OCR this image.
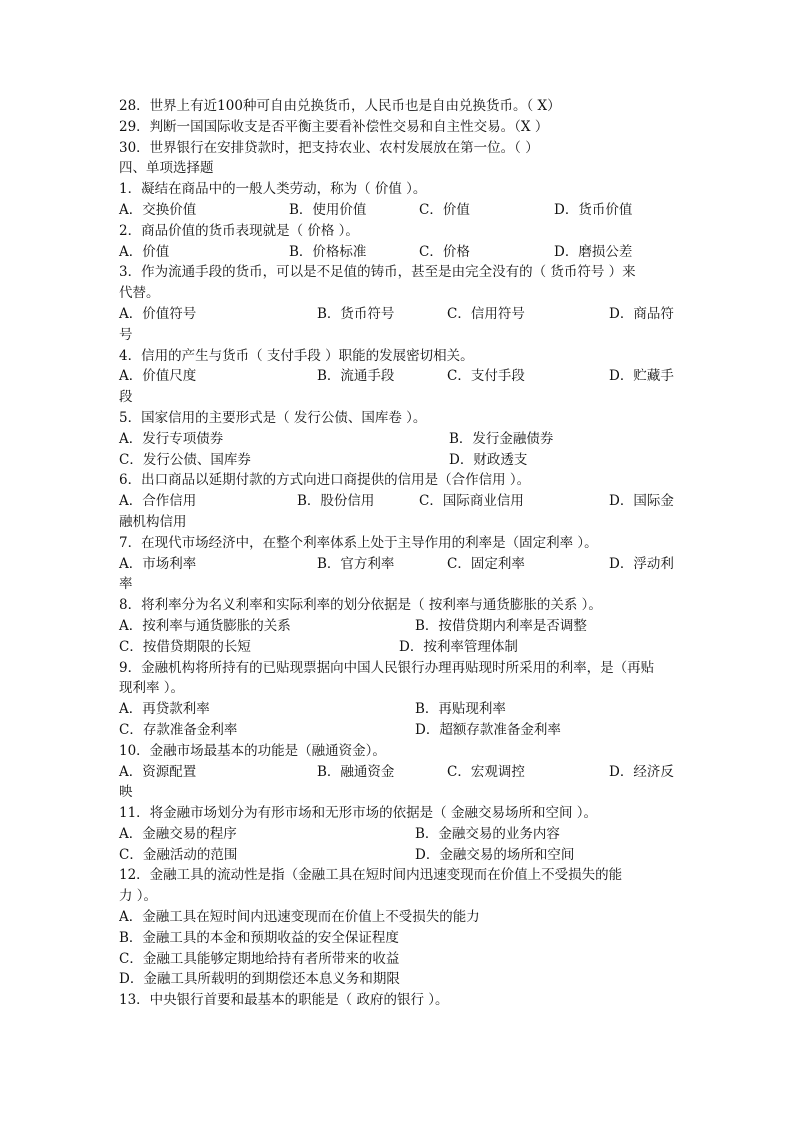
28．世界上有近100种可自由兑换货币，人民币也是自由兑换货币。（ X）
29．判断一国国际收支是否平衡主要看补偿性交易和自主性交易。（X ）
30．世界银行在安排贷款时，把支持农业、农村发展放在第一位。（ ）
四、单项选择题
1．凝结在商品中的一般人类劳动，称为（ 价值 ）。
A．交换价值	B．使用价值	C．价值	D．货币价值
2．商品价值的货币表现就是（ 价格 ）。
A．价值	B．价格标准	C．价格	D．磨损公差
3．作为流通手段的货币，可以是不足值的铸币，甚至是由完全没有的（ 货币符号 ）来
代替。
A．价值符号	B．货币符号	C．信用符号	D．商品符
号
4．信用的产生与货币（ 支付手段 ）职能的发展密切相关。
A．价值尺度	B．流通手段	C．支付手段	D．贮藏手
段
5．国家信用的主要形式是（ 发行公债、国库卷 ）。
A．发行专项债券	B．发行金融债券
C．发行公债、国库券	D．财政透支
6．出口商品以延期付款的方式向进口商提供的信用是（合作信用 ）。
A．合作信用	B．股份信用	C．国际商业信用	D．国际金
融机构信用
7．在现代市场经济中，在整个利率体系上处于主导作用的利率是（固定利率 ）。
A．市场利率	B．官方利率	C．固定利率	D．浮动利
率
8．将利率分为名义利率和实际利率的划分依据是（ 按利率与通货膨胀的关系 ）。
A．按利率与通货膨胀的关系	B．按借贷期内利率是否调整
C．按借贷期限的长短	D．按利率管理体制
9．金融机构将所持有的已贴现票据向中国人民银行办理再贴现时所采用的利率，是（再贴
现利率 ）。
A．再贷款利率	B．再贴现利率
C．存款准备金利率	D．超额存款准备金利率
10．金融市场最基本的功能是（融通资金）。
A．资源配置	B．融通资金	C．宏观调控	D．经济反
映
11．将金融市场划分为有形市场和无形市场的依据是（ 金融交易场所和空间 ）。
A．金融交易的程序	B．金融交易的业务内容
C．金融活动的范围	D．金融交易的场所和空间
12．金融工具的流动性是指（金融工具在短时间内迅速变现而在价值上不受损失的能
力 ）。
A．金融工具在短时间内迅速变现而在价值上不受损失的能力
B．金融工具的本金和预期收益的安全保证程度
C．金融工具能够定期地给持有者所带来的收益
D．金融工具所载明的到期偿还本息义务和期限
13．中央银行首要和最基本的职能是（ 政府的银行 ）。
